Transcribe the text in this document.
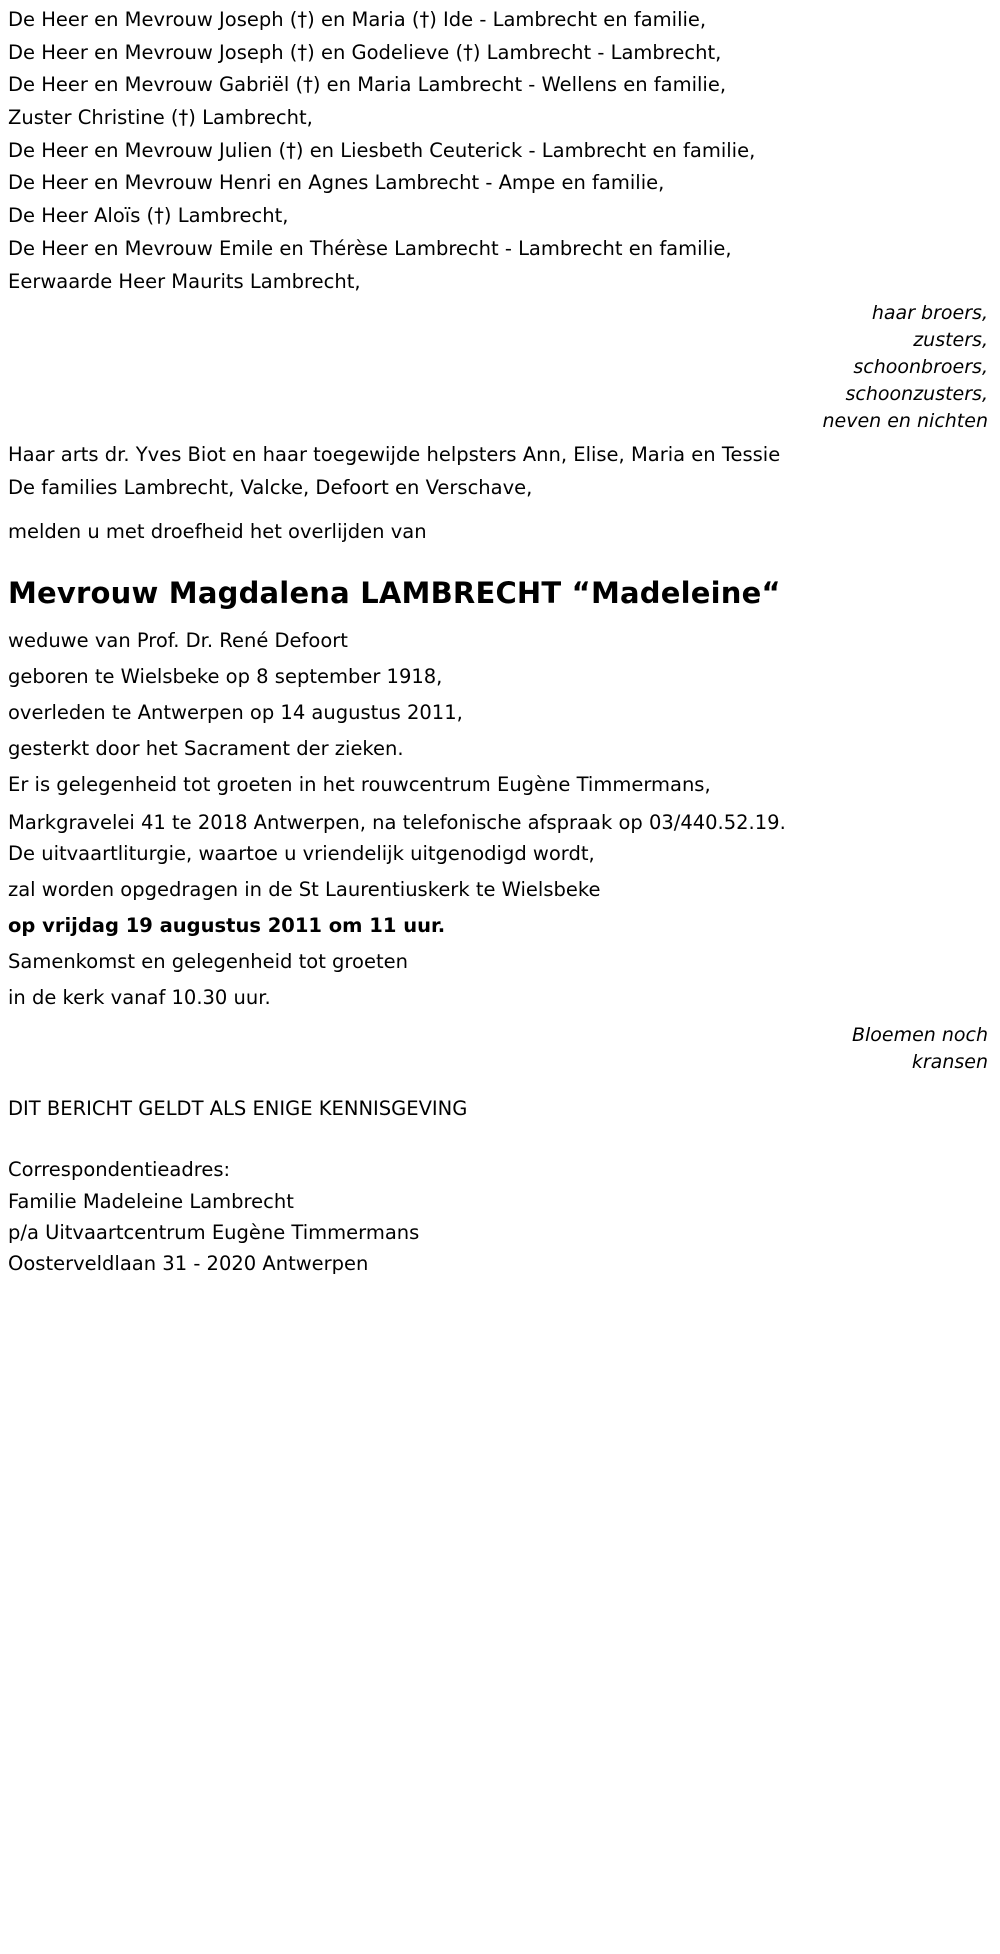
De Heer en Mevrouw Joseph (†) en Maria (†) Ide - Lambrecht en familie,

De Heer en Mevrouw Joseph (†) en Godelieve (†) Lambrecht - Lambrecht,

De Heer en Mevrouw Gabriël (†) en Maria Lambrecht - Wellens en familie,

Zuster Christine (†) Lambrecht,

De Heer en Mevrouw Julien (†) en Liesbeth Ceuterick - Lambrecht en familie,

De Heer en Mevrouw Henri en Agnes Lambrecht - Ampe en familie,

De Heer Aloïs (†) Lambrecht,

De Heer en Mevrouw Emile en Thérèse Lambrecht - Lambrecht en familie,

Eerwaarde Heer Maurits Lambrecht,

haar broers,
zusters,
schoonbroers,
schoonzusters,
neven en nichten

Haar arts dr. Yves Biot en haar toegewijde helpsters Ann, Elise, Maria en Tessie

De families Lambrecht, Valcke, Defoort en Verschave,

melden u met droefheid het overlijden van

Mevrouw Magdalena LAMBRECHT “Madeleine“

weduwe van Prof. Dr. René Defoort

geboren te Wielsbeke op 8 september 1918,

overleden te Antwerpen op 14 augustus 2011,

gesterkt door het Sacrament der zieken.

Er is gelegenheid tot groeten in het rouwcentrum Eugène Timmermans,

Markgravelei 41 te 2018 Antwerpen, na telefonische afspraak op 03/440.52.19.

De uitvaartliturgie, waartoe u vriendelijk uitgenodigd wordt,

zal worden opgedragen in de St Laurentiuskerk te Wielsbeke

op vrijdag 19 augustus 2011 om 11 uur.

Samenkomst en gelegenheid tot groeten

in de kerk vanaf 10.30 uur.

Bloemen noch
kransen

DIT BERICHT GELDT ALS ENIGE KENNISGEVING

Correspondentieadres:

Familie Madeleine Lambrecht

p/a Uitvaartcentrum Eugène Timmermans

Oosterveldlaan 31 - 2020 Antwerpen
